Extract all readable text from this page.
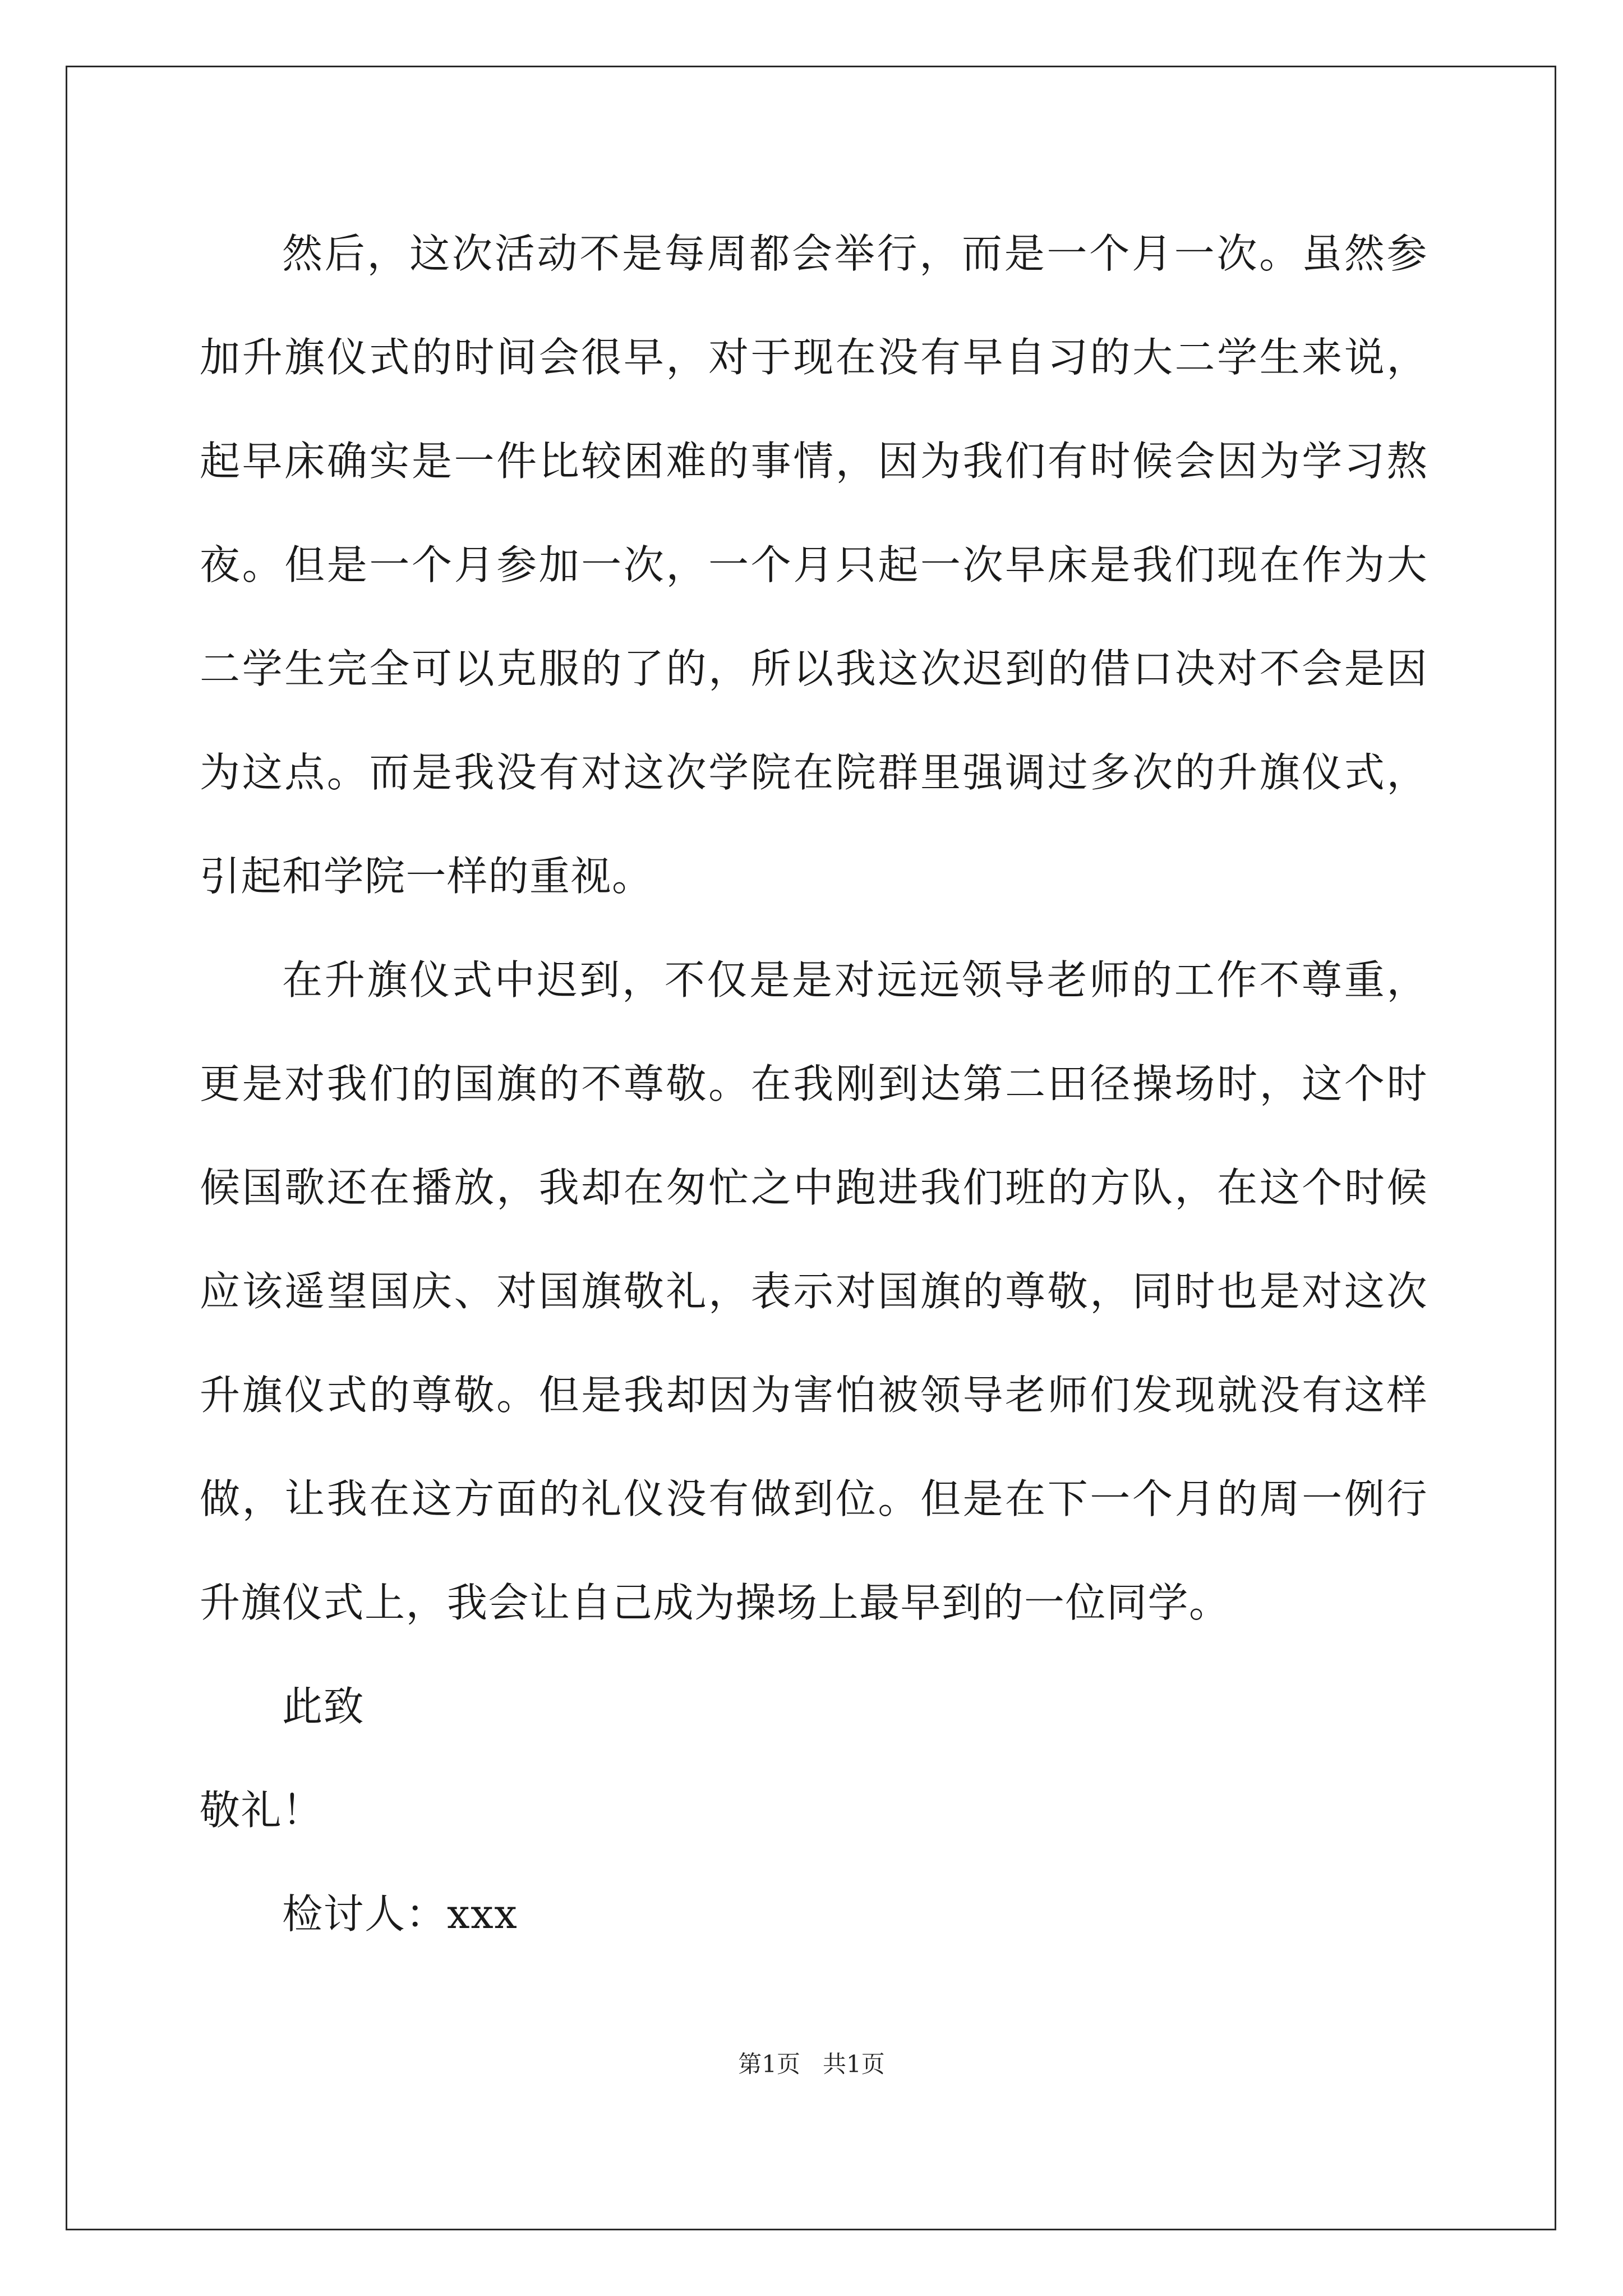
然后，这次活动不是每周都会举行，而是一个月一次。虽然参加升旗仪式的时间会很早，对于现在没有早自习的大二学生来说，起早床确实是一件比较困难的事情，因为我们有时候会因为学习熬夜。但是一个月参加一次，一个月只起一次早床是我们现在作为大二学生完全可以克服的了的，所以我这次迟到的借口决对不会是因为这点。而是我没有对这次学院在院群里强调过多次的升旗仪式，引起和学院一样的重视。

在升旗仪式中迟到，不仅是是对远远领导老师的工作不尊重，更是对我们的国旗的不尊敬。在我刚到达第二田径操场时，这个时候国歌还在播放，我却在匆忙之中跑进我们班的方队，在这个时候应该遥望国庆、对国旗敬礼，表示对国旗的尊敬，同时也是对这次升旗仪式的尊敬。但是我却因为害怕被领导老师们发现就没有这样做，让我在这方面的礼仪没有做到位。但是在下一个月的周一例行升旗仪式上，我会让自己成为操场上最早到的一位同学。

此致

敬礼！

检讨人：xxx

第1页   共1页
